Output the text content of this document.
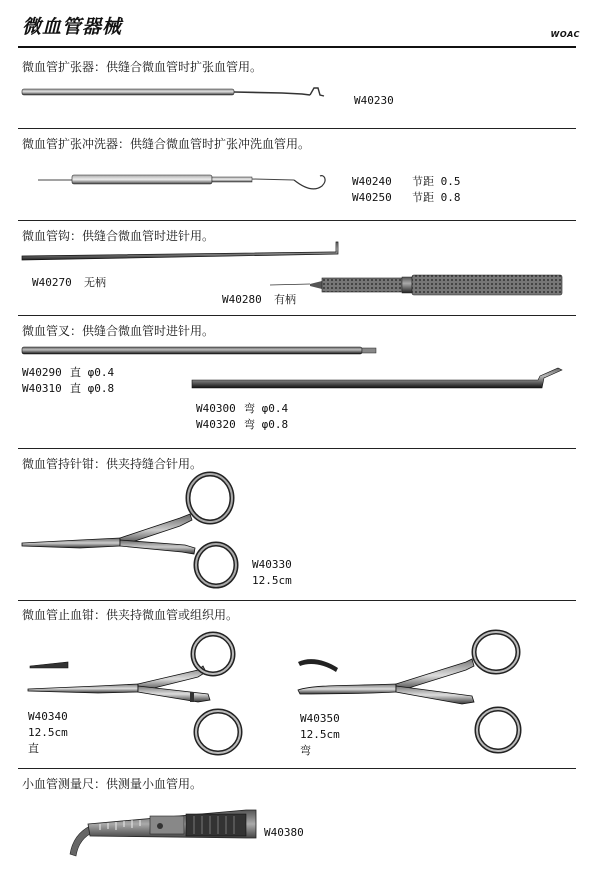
微血管器械	WOAC
微血管扩张器：供缝合微血管时扩张血管用。
W40230
微血管扩张冲洗器：供缝合微血管时扩张冲洗血管用。
W40240 节距 0.5
W40250 节距 0.8
微血管钩：供缝合微血管时进针用。
W40270 无柄
W40280 有柄
微血管叉：供缝合微血管时进针用。
W40290 直 φ0.4
W40310 直 φ0.8
W40300 弯 φ0.4
W40320 弯 φ0.8
微血管持针钳：供夹持缝合针用。
W40330
12.5cm
微血管止血钳：供夹持微血管或组织用。
W40340
12.5cm
直
W40350
12.5cm
弯
小血管测量尺：供测量小血管用。
W40380
